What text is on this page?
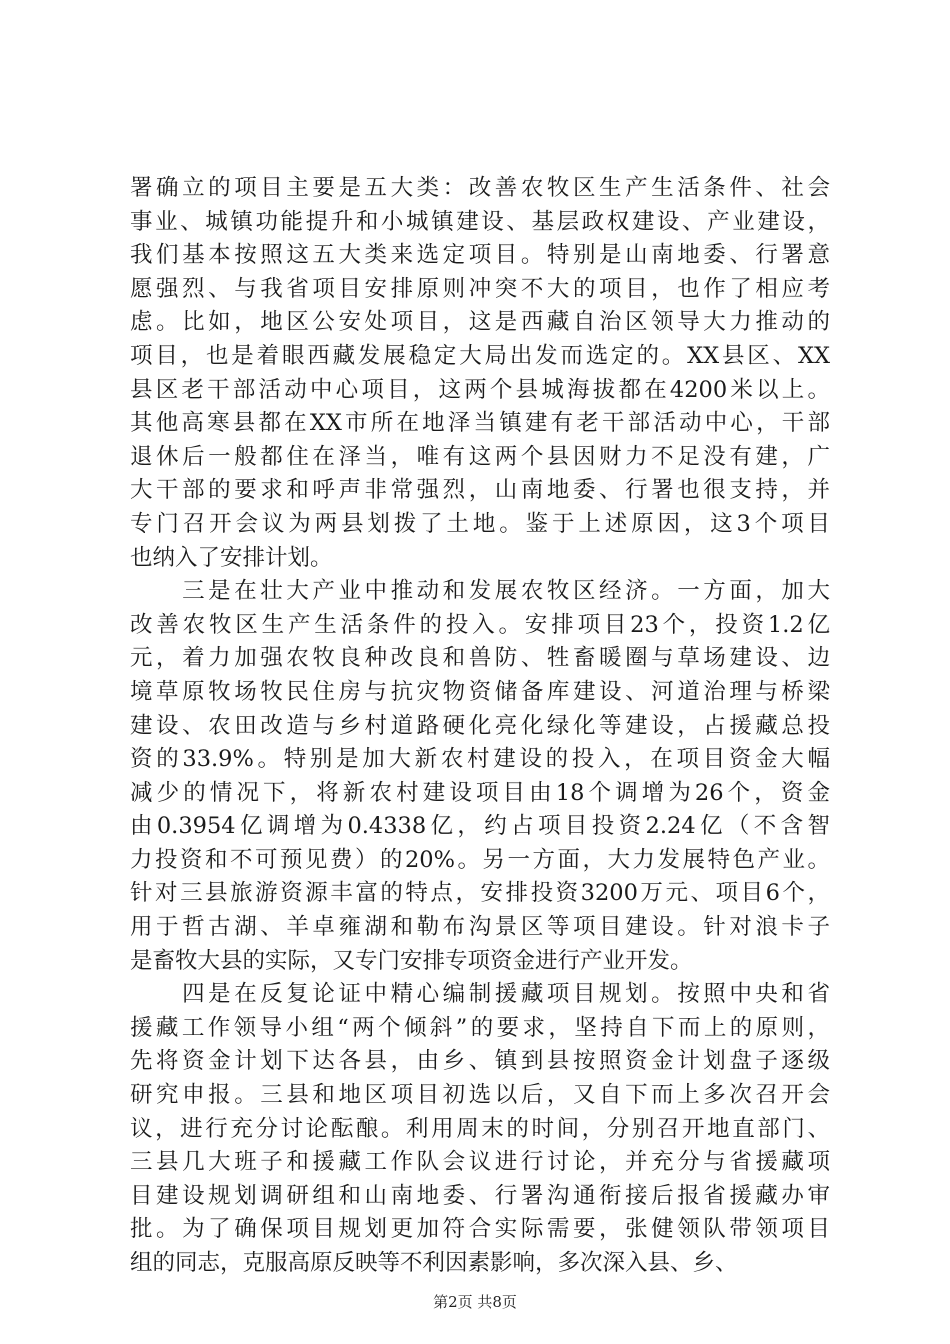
署确立的项目主要是五大类：改善农牧区生产生活条件、社会
事业、城镇功能提升和小城镇建设、基层政权建设、产业建设，
我们基本按照这五大类来选定项目。特别是山南地委、行署意
愿强烈、与我省项目安排原则冲突不大的项目，也作了相应考
虑。比如，地区公安处项目，这是西藏自治区领导大力推动的
项目，也是着眼西藏发展稳定大局出发而选定的。XX县区、XX
县区老干部活动中心项目，这两个县城海拔都在4200米以上。
其他高寒县都在XX市所在地泽当镇建有老干部活动中心，干部
退休后一般都住在泽当，唯有这两个县因财力不足没有建，广
大干部的要求和呼声非常强烈，山南地委、行署也很支持，并
专门召开会议为两县划拨了土地。鉴于上述原因，这3个项目
也纳入了安排计划。
　　三是在壮大产业中推动和发展农牧区经济。一方面，加大
改善农牧区生产生活条件的投入。安排项目23个，投资1.2亿
元，着力加强农牧良种改良和兽防、牲畜暖圈与草场建设、边
境草原牧场牧民住房与抗灾物资储备库建设、河道治理与桥梁
建设、农田改造与乡村道路硬化亮化绿化等建设，占援藏总投
资的33.9%。特别是加大新农村建设的投入，在项目资金大幅
减少的情况下，将新农村建设项目由18个调增为26个，资金
由0.3954亿调增为0.4338亿，约占项目投资2.24亿（不含智
力投资和不可预见费）的20%。另一方面，大力发展特色产业。
针对三县旅游资源丰富的特点，安排投资3200万元、项目6个，
用于哲古湖、羊卓雍湖和勒布沟景区等项目建设。针对浪卡子
是畜牧大县的实际，又专门安排专项资金进行产业开发。
　　四是在反复论证中精心编制援藏项目规划。按照中央和省
援藏工作领导小组“两个倾斜”的要求，坚持自下而上的原则，
先将资金计划下达各县，由乡、镇到县按照资金计划盘子逐级
研究申报。三县和地区项目初选以后，又自下而上多次召开会
议，进行充分讨论酝酿。利用周末的时间，分别召开地直部门、
三县几大班子和援藏工作队会议进行讨论，并充分与省援藏项
目建设规划调研组和山南地委、行署沟通衔接后报省援藏办审
批。为了确保项目规划更加符合实际需要，张健领队带领项目
组的同志，克服高原反映等不利因素影响，多次深入县、乡、
第2页 共8页
